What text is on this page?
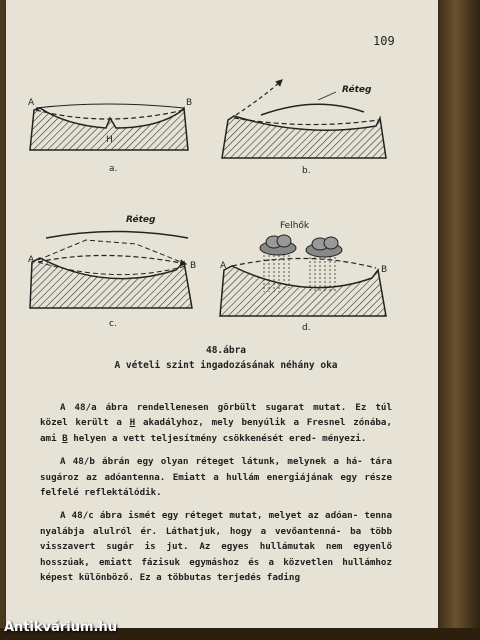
109
A	B
H
a.
Réteg
b.
Réteg
A
B
c.
Felhők
A	B
d.
48.ábra
A vételi szint ingadozásának néhány oka

A 48/a ábra rendellenesen görbült sugarat mutat. Ez túl közel került a H akadályhoz, mely benyúlik a Fresnel zónába, ami B helyen a vett teljesítmény csökkenését ered- ményezi.

A 48/b ábrán egy olyan réteget látunk, melynek a há- tára sugároz az adóantenna. Emiatt a hullám energiájának egy része felfelé reflektálódik.

A 48/c ábra ismét egy réteget mutat, melyet az adóan- tenna nyalábja alulról ér. Láthatjuk, hogy a vevőantenná- ba több visszavert sugár is jut. Az egyes hullámutak nem egyenlő hosszúak, emiatt fázisuk egymáshoz és a közvetlen hullámhoz képest különböző. Ez a többutas terjedés fading

Antikvárium.hu
